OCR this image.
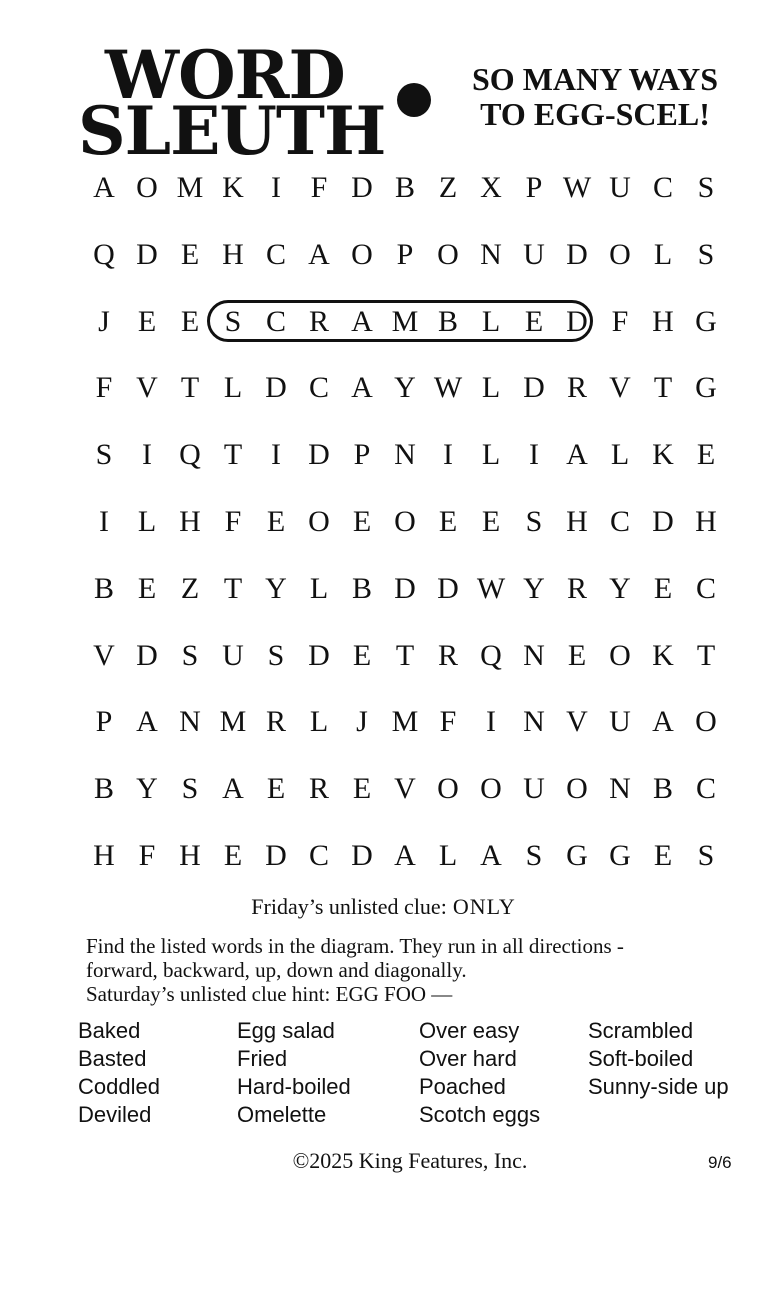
WORD
SLEUTH
SO MANY WAYS
TO EGG-SCEL!
A O M K I F D B Z X P W U C S
Q D E H C A O P O N U D O L S
J E E S C R A M B L E D F H G
F V T L D C A Y W L D R V T G
S I Q T I D P N I L I A L K E
I L H F E O E O E E S H C D H
B E Z T Y L B D D W Y R Y E C
V D S U S D E T R Q N E O K T
P A N M R L J M F I N V U A O
B Y S A E R E V O O U O N B C
H F H E D C D A L A S G G E S
Friday’s unlisted clue: ONLY
Find the listed words in the diagram. They run in all directions -
forward, backward, up, down and diagonally.
Saturday’s unlisted clue hint: EGG FOO —
Baked
Basted
Coddled
Deviled
Egg salad
Fried
Hard-boiled
Omelette
Over easy
Over hard
Poached
Scotch eggs
Scrambled
Soft-boiled
Sunny-side up
©2025 King Features, Inc.	9/6
